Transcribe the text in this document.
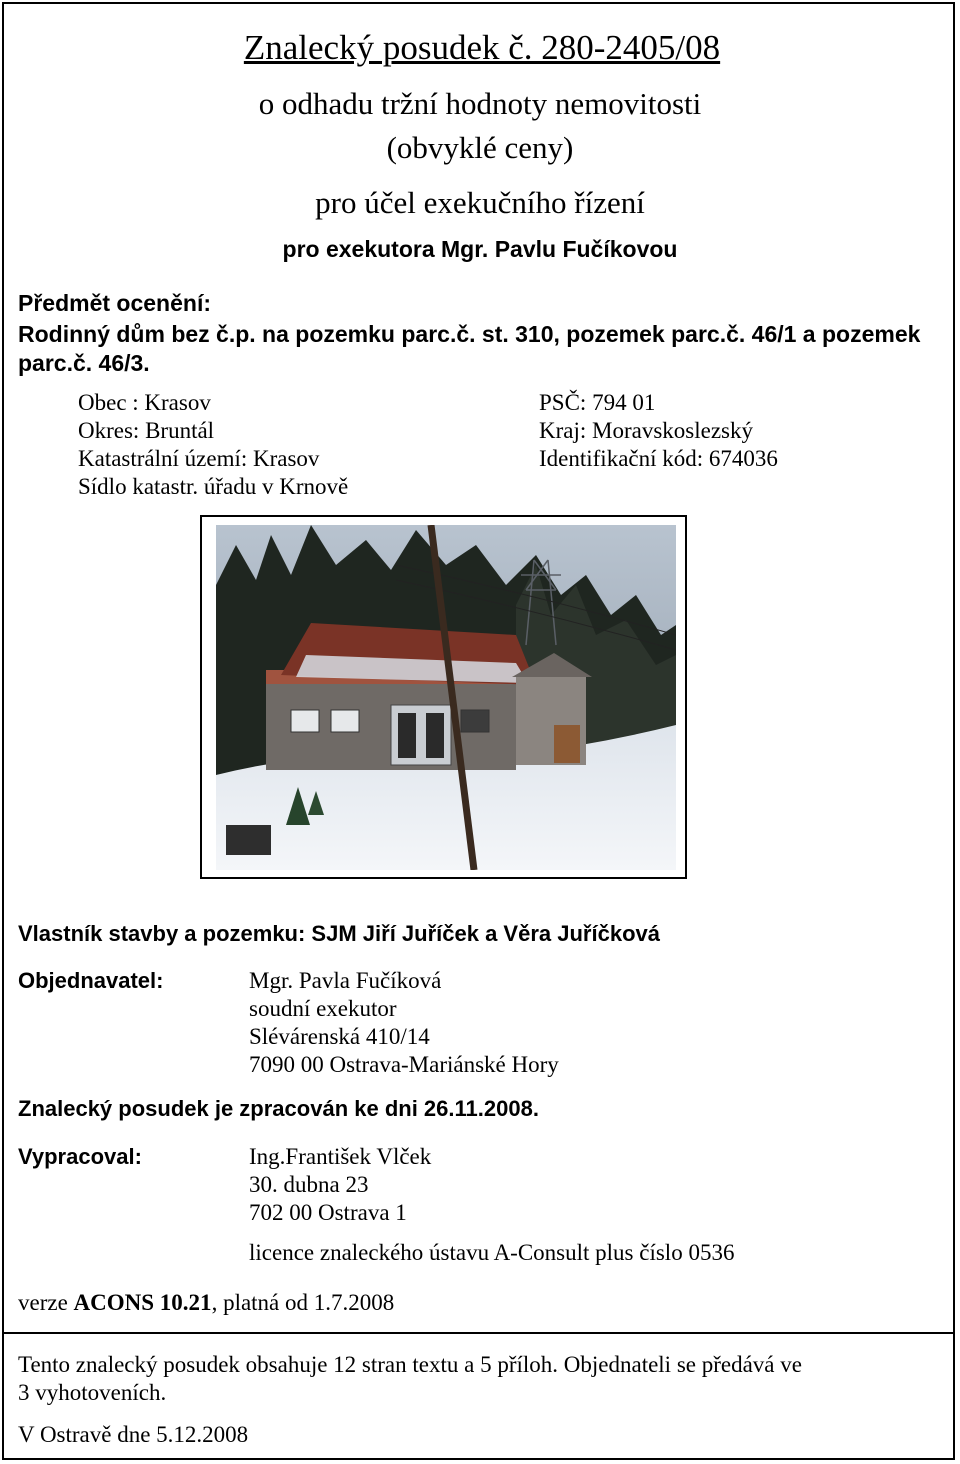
Znalecký posudek č. 280-2405/08
o odhadu tržní hodnoty nemovitosti
(obvyklé ceny)
pro účel exekučního řízení
pro exekutora Mgr. Pavlu Fučíkovou
Předmět ocenění:
Rodinný dům bez č.p. na pozemku parc.č. st. 310, pozemek parc.č. 46/1 a pozemek
parc.č. 46/3.
Obec : Krasov	PSČ: 794 01
Okres: Bruntál	Kraj: Moravskoslezský
Katastrální území: Krasov	Identifikační kód: 674036
Sídlo katastr. úřadu v Krnově
Vlastník stavby a pozemku: SJM Jiří Juříček a Věra Juříčková
Objednavatel:	Mgr. Pavla Fučíková
soudní exekutor
Slévárenská 410/14
7090 00 Ostrava-Mariánské Hory
Znalecký posudek je zpracován ke dni 26.11.2008.
Vypracoval:	Ing.František Vlček
30. dubna 23
702 00 Ostrava 1
licence znaleckého ústavu A-Consult plus číslo 0536
verze ACONS 10.21, platná od 1.7.2008
Tento znalecký posudek obsahuje 12 stran textu a 5 příloh. Objednateli se předává ve
3 vyhotoveních.
V Ostravě dne 5.12.2008
